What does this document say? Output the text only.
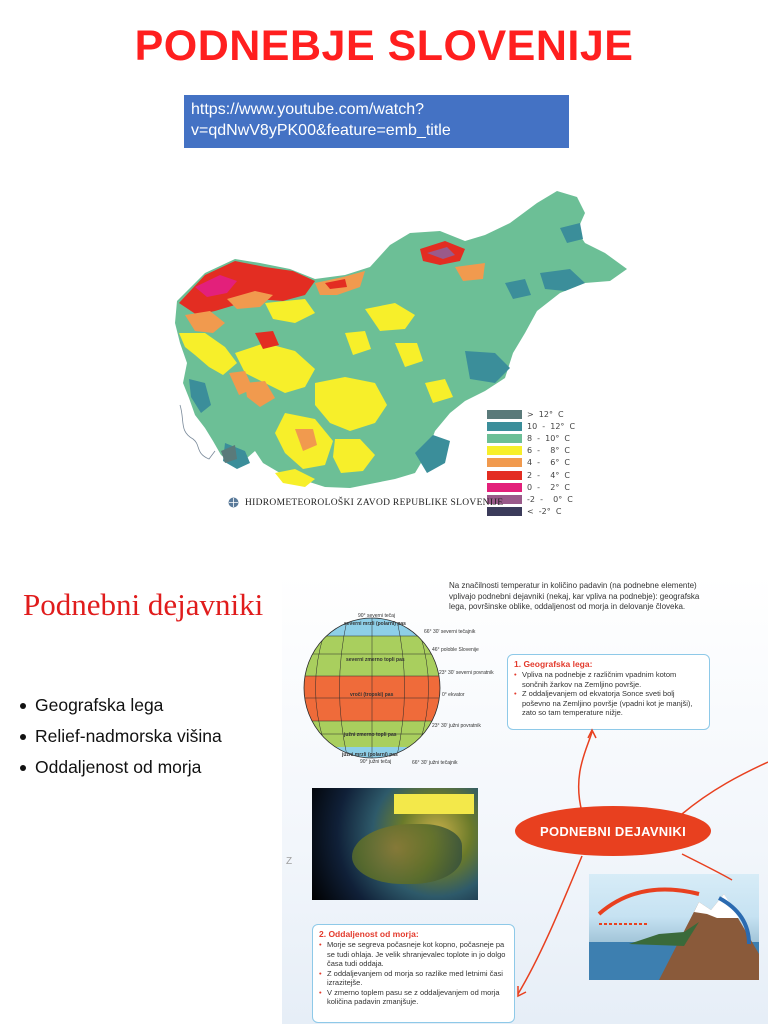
PODNEBJE SLOVENIJE
https://www.youtube.com/watch?
v=qdNwV8yPK00&feature=emb_title
>  12°  C
10  -  12°  C
8  -  10°  C
6  -    8°  C
4  -    6°  C
2  -    4°  C
0  -    2°  C
-2  -    0°  C
<  -2°  C
HIDROMETEOROLOŠKI ZAVOD REPUBLIKE SLOVENIJE
Podnebni dejavniki
Geografska lega
Relief-nadmorska višina
Oddaljenost od morja
Na značilnosti temperatur in količino padavin (na podnebne elemente) vplivajo podnebni dejavniki (nekaj, kar vpliva na podnebje): geografska lega, površinske oblike, oddaljenost od morja in delovanje človeka.
90° severni tečaj
severni mrzli (polarni) pas
severni zmerno topli pas
vroči (tropski) pas
južni zmerno topli pas
južni mrzli (polarni) pas
90° južni tečaj
66° 30' severni tečajnik
46° poloble Slovenije
23° 30' severni povratnik
0° ekvator
23° 30' južni povratnik
66° 30' južni tečajnik
1. Geografska lega:
• Vpliva na podnebje z različnim vpadnim kotom sončnih žarkov na Zemljino površje.
• Z oddaljevanjem od ekvatorja Sonce sveti bolj poševno na Zemljino površje (vpadni kot je manjši), zato so tam temperature nižje.
Z
PODNEBNI DEJAVNIKI
2. Oddaljenost od morja:
• Morje se segreva počasneje kot kopno, počasneje pa se tudi ohlaja. Je velik shranjevalec toplote in jo dolgo časa tudi oddaja.
• Z oddaljevanjem od morja so razlike med letnimi časi izrazitejše.
• V zmerno toplem pasu se z oddaljevanjem od morja količina padavin zmanjšuje.
